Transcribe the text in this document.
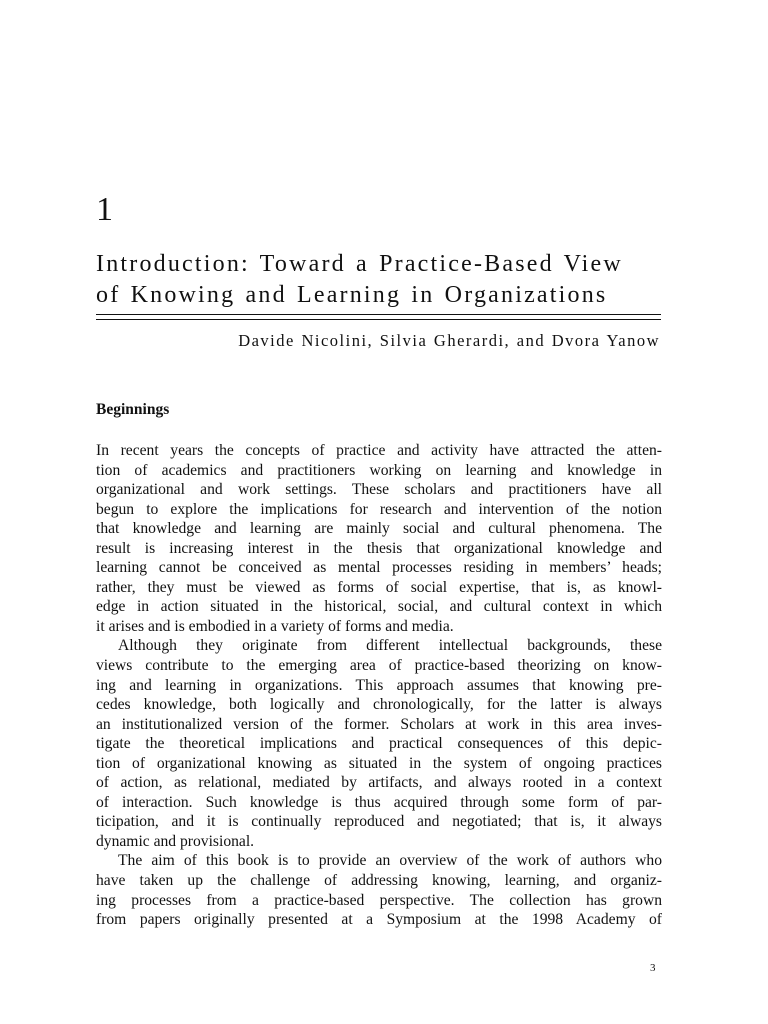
1
Introduction: Toward a Practice-Based View
of Knowing and Learning in Organizations
Davide Nicolini, Silvia Gherardi, and Dvora Yanow
Beginnings

In recent years the concepts of practice and activity have attracted the atten-

tion of academics and practitioners working on learning and knowledge in

organizational and work settings. These scholars and practitioners have all

begun to explore the implications for research and intervention of the notion

that knowledge and learning are mainly social and cultural phenomena. The

result is increasing interest in the thesis that organizational knowledge and

learning cannot be conceived as mental processes residing in members’ heads;

rather, they must be viewed as forms of social expertise, that is, as knowl-

edge in action situated in the historical, social, and cultural context in which

it arises and is embodied in a variety of forms and media.

Although they originate from different intellectual backgrounds, these

views contribute to the emerging area of practice-based theorizing on know-

ing and learning in organizations. This approach assumes that knowing pre-

cedes knowledge, both logically and chronologically, for the latter is always

an institutionalized version of the former. Scholars at work in this area inves-

tigate the theoretical implications and practical consequences of this depic-

tion of organizational knowing as situated in the system of ongoing practices

of action, as relational, mediated by artifacts, and always rooted in a context

of interaction. Such knowledge is thus acquired through some form of par-

ticipation, and it is continually reproduced and negotiated; that is, it always

dynamic and provisional.

The aim of this book is to provide an overview of the work of authors who

have taken up the challenge of addressing knowing, learning, and organiz-

ing processes from a practice-based perspective. The collection has grown

from papers originally presented at a Symposium at the 1998 Academy of

3
